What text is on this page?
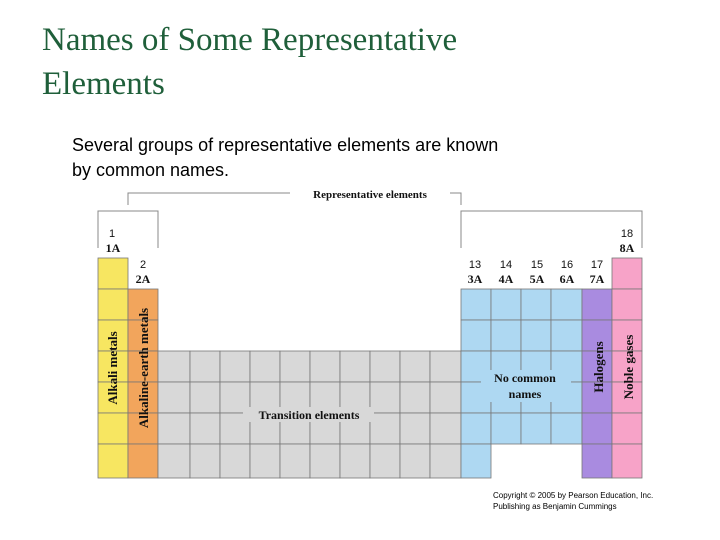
Names of Some Representative
Elements

Several groups of representative elements are known
by common names.

Representative elements
1
1A
2
2A
13
3A
14
4A
15
5A
16
6A
17
7A
18
8A
Alkali metals Alkaline-earth metals	Transition elements
No common
names
Halogens Noble gases
Copyright © 2005 by Pearson Education, Inc.
Publishing as Benjamin Cummings
